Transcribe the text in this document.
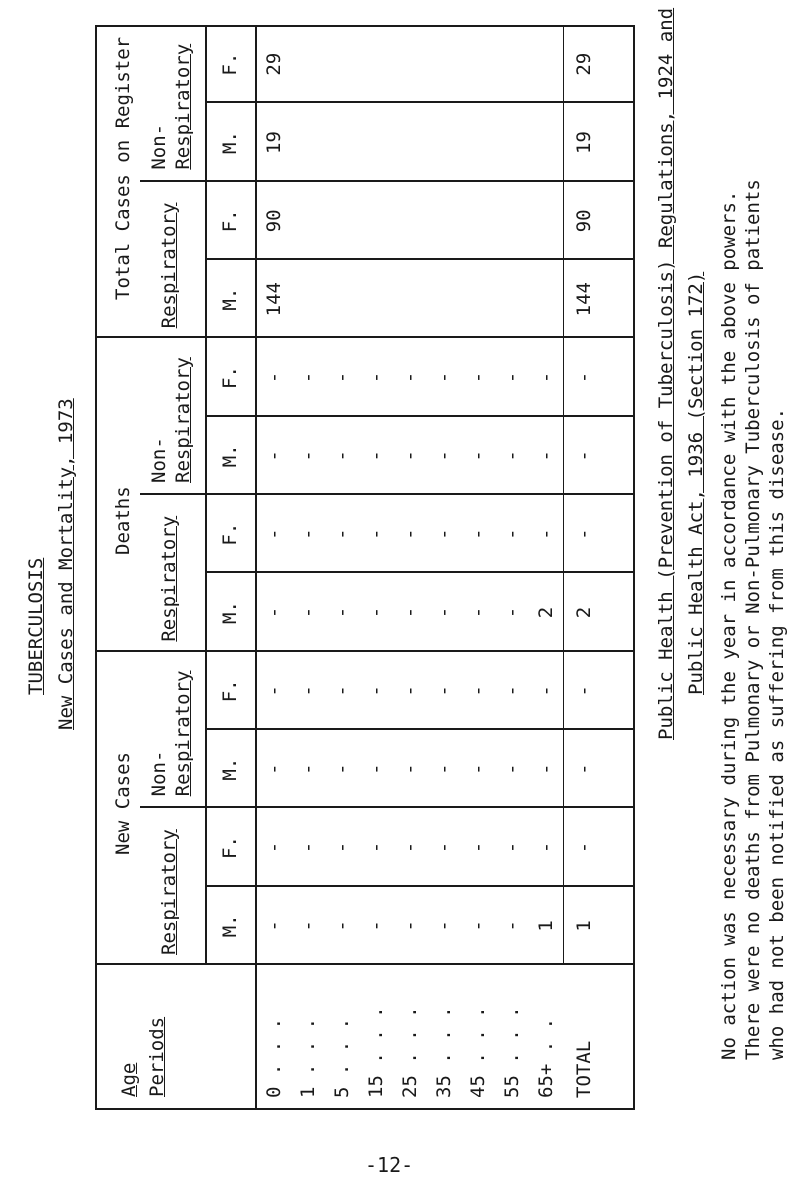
TUBERCULOSIS New Cases and Mortality, 1973
Age Periods
New Cases
Deaths
Total Cases on Register	Public Health (Prevention of Tuberculosis) Regulations, 1924 and Public Health Act, 1936 (Section 172) No action was necessary during the year in accordance with the above powers. There were no deaths from Pulmonary or Non-Pulmonary Tuberculosis of patients who had not been notified as suffering from this disease.
-12-
Respiratory
Non- Respiratory
M.
F.
M.
F.
Respiratory
Non- Respiratory
M.
F.
M.
F.
Respiratory
Non- Respiratory
M.
F.
M.
F.
0 . . .
-
-
-
-
-
-
-
-
144
90
19
29
1 . . .
-
-
-
-
-
-
-
-
5 . . .
-
-
-
-
-
-
-
-
15 . . .
-
-
-
-
-
-
-
-
25 . . .
-
-
-
-
-
-
-
-
35 . . .
-
-
-
-
-
-
-
-
45 . . .
-
-
-
-
-
-
-
-
55 . . .
-
-
-
-
-
-
-
-
65+ . .
1
-
-
-
2
-
-
-
TOTAL
1
-
-
-
2
-
-
-
144
90
19
29
